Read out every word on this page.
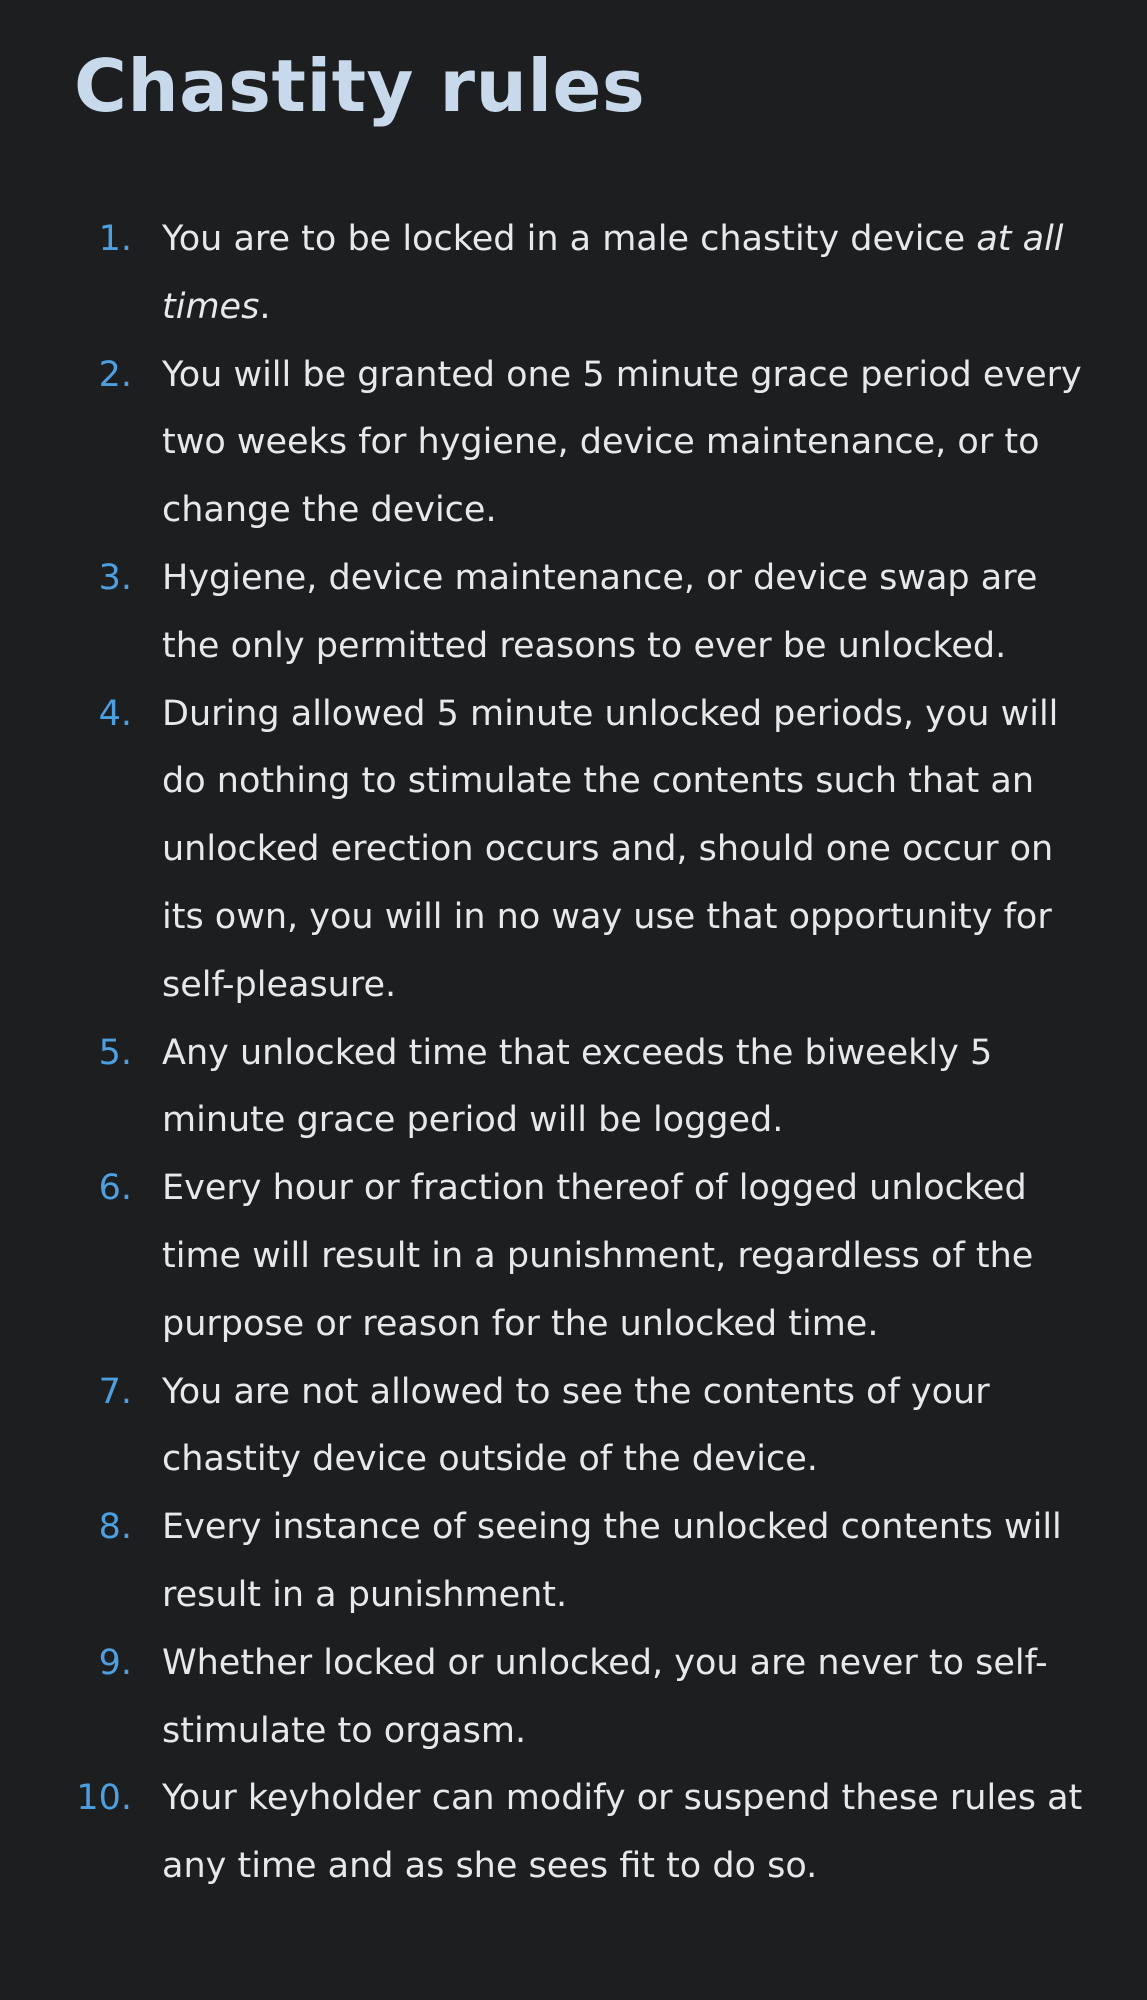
Chastity rules
1. You are to be locked in a male chastity device at all times.
2. You will be granted one 5 minute grace period every two weeks for hygiene, device maintenance, or to change the device.
3. Hygiene, device maintenance, or device swap are the only permitted reasons to ever be unlocked.
4. During allowed 5 minute unlocked periods, you will do nothing to stimulate the contents such that an unlocked erection occurs and, should one occur on its own, you will in no way use that opportunity for self-pleasure.
5. Any unlocked time that exceeds the biweekly 5 minute grace period will be logged.
6. Every hour or fraction thereof of logged unlocked time will result in a punishment, regardless of the purpose or reason for the unlocked time.
7. You are not allowed to see the contents of your chastity device outside of the device.
8. Every instance of seeing the unlocked contents will result in a punishment.
9. Whether locked or unlocked, you are never to self-stimulate to orgasm.
10. Your keyholder can modify or suspend these rules at any time and as she sees fit to do so.
